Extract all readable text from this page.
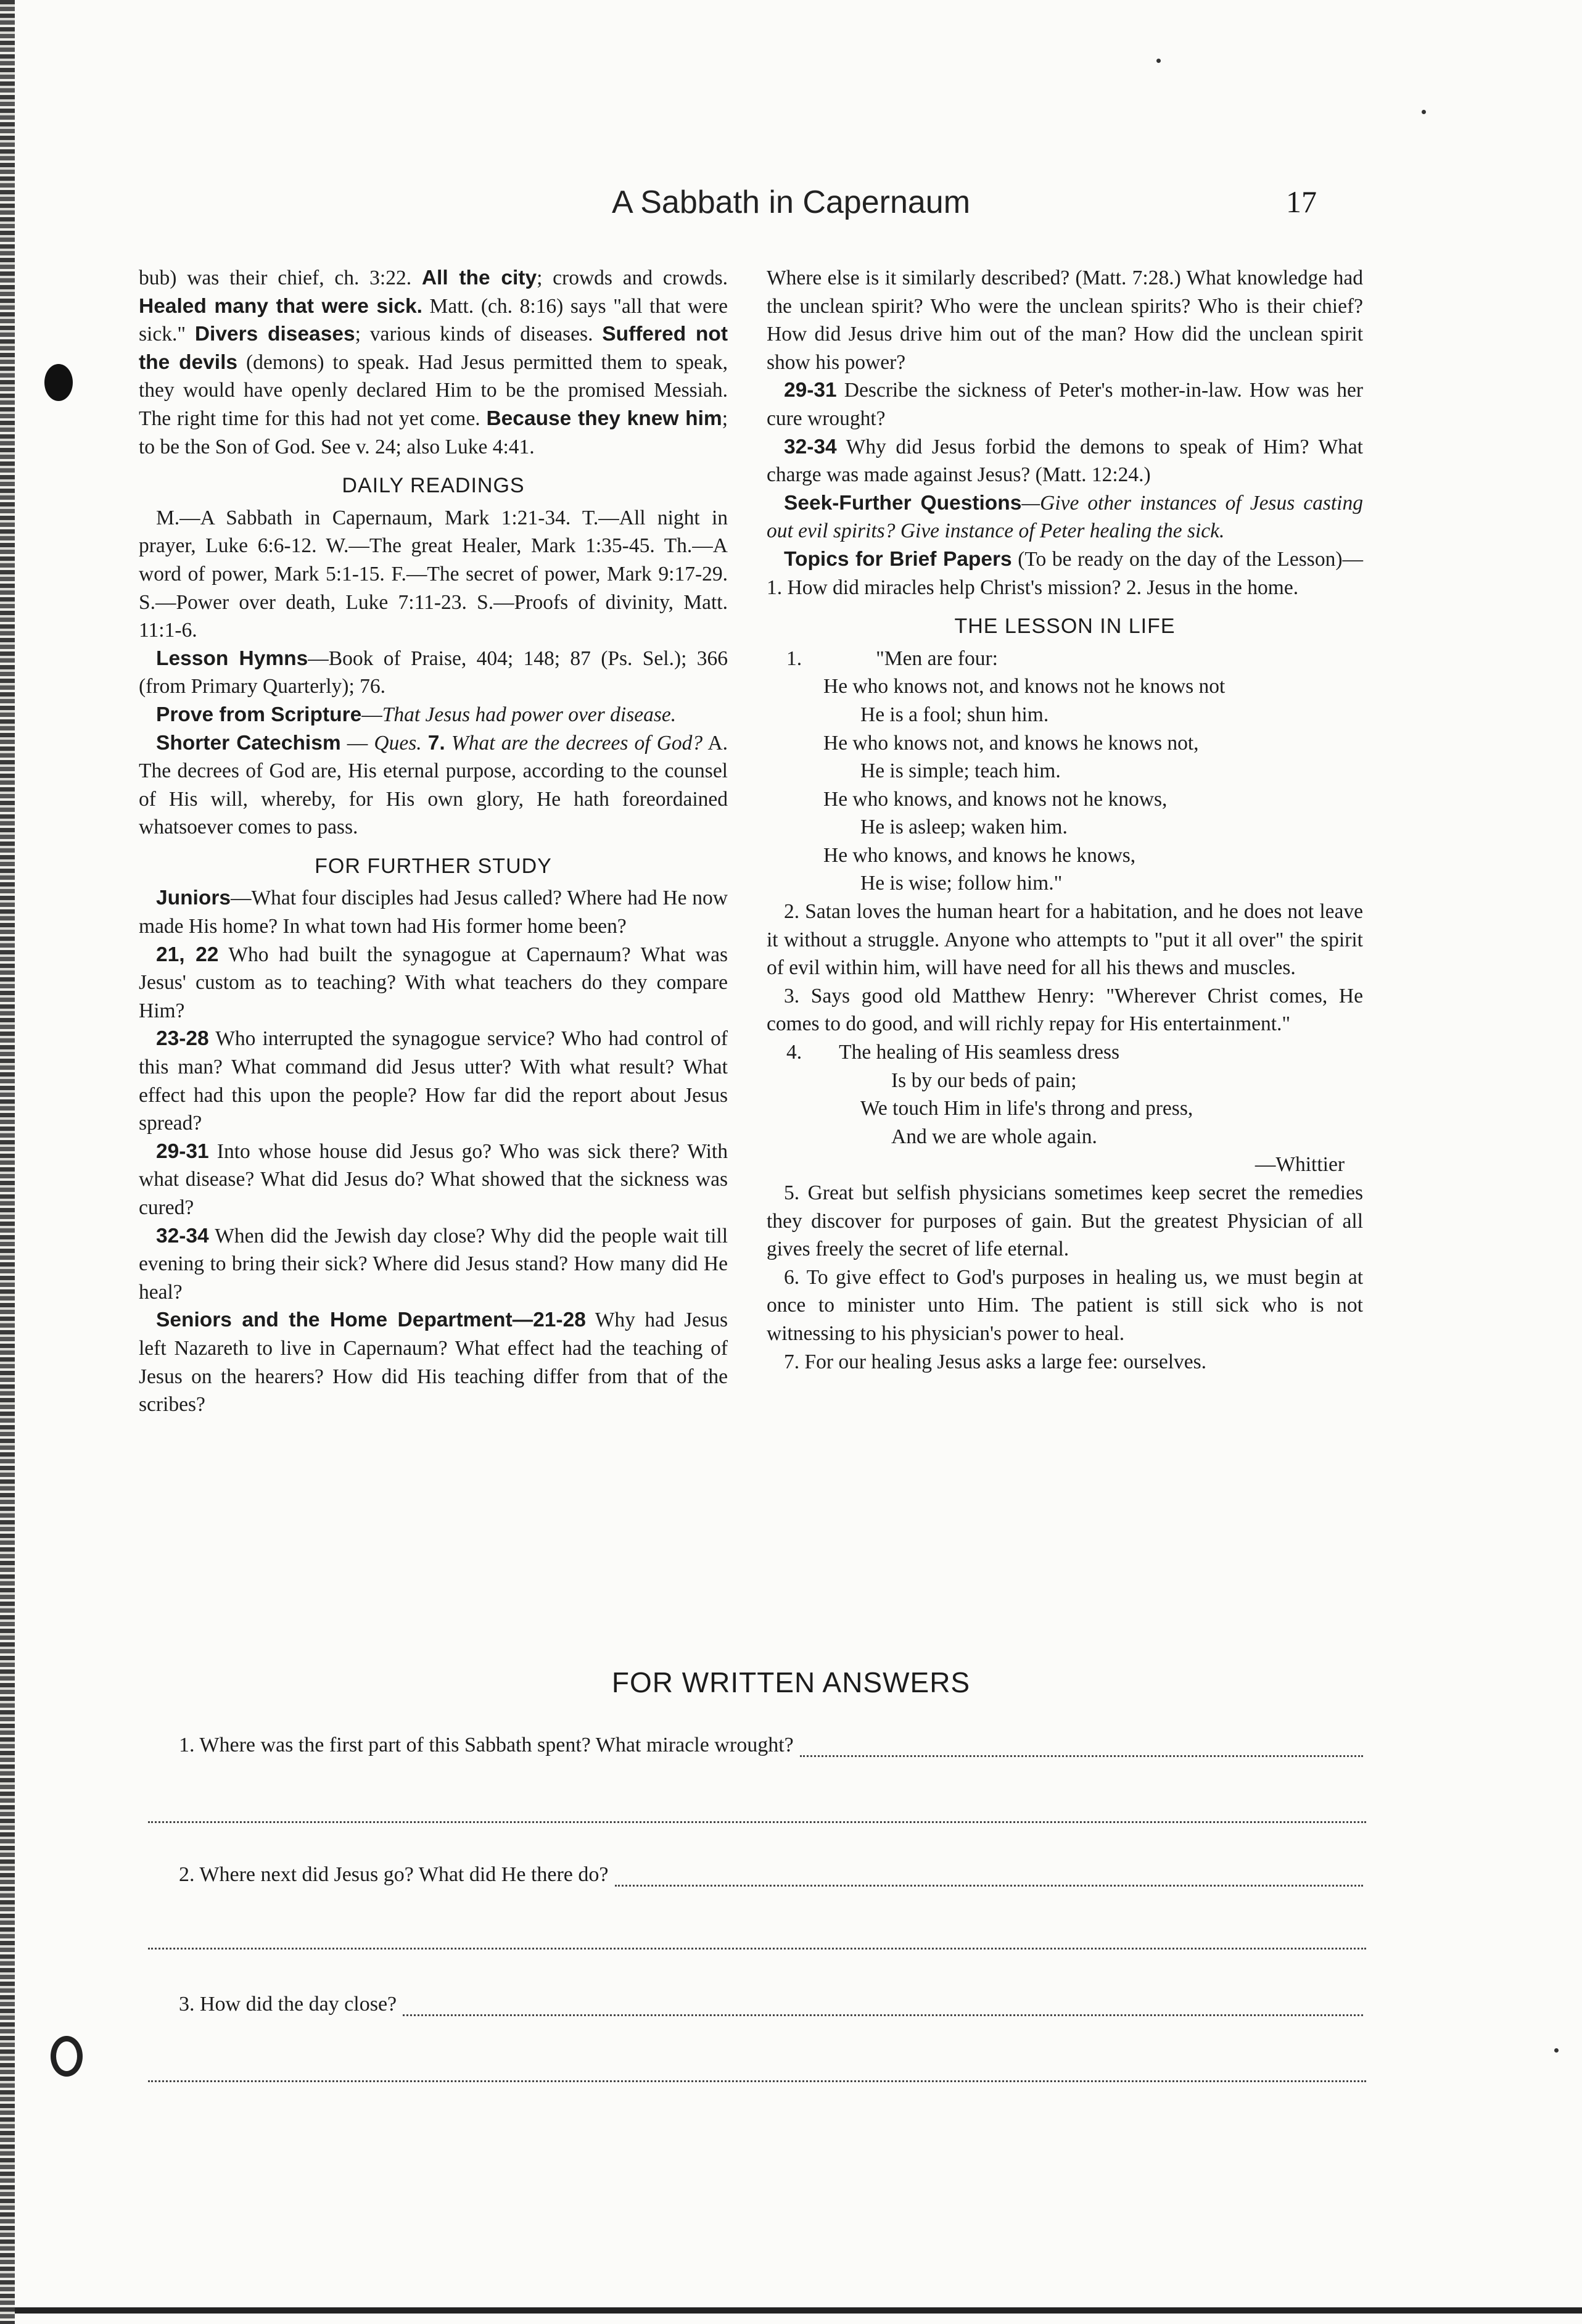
A Sabbath in Capernaum	17

bub) was their chief, ch. 3:22. All the city; crowds and crowds. Healed many that were sick. Matt. (ch. 8:16) says "all that were sick." Divers diseases; various kinds of diseases. Suffered not the devils (demons) to speak. Had Jesus permitted them to speak, they would have openly declared Him to be the promised Messiah. The right time for this had not yet come. Because they knew him; to be the Son of God. See v. 24; also Luke 4:41.

DAILY READINGS

M.—A Sabbath in Capernaum, Mark 1:21-34. T.—All night in prayer, Luke 6:6-12. W.—The great Healer, Mark 1:35-45. Th.—A word of power, Mark 5:1-15. F.—The secret of power, Mark 9:17-29. S.—Power over death, Luke 7:11-23. S.—Proofs of divinity, Matt. 11:1-6.

Lesson Hymns—Book of Praise, 404; 148; 87 (Ps. Sel.); 366 (from Primary Quarterly); 76.

Prove from Scripture—That Jesus had power over disease.

Shorter Catechism — Ques. 7. What are the decrees of God? A. The decrees of God are, His eternal purpose, according to the counsel of His will, whereby, for His own glory, He hath foreordained whatsoever comes to pass.

FOR FURTHER STUDY

Juniors—What four disciples had Jesus called? Where had He now made His home? In what town had His former home been?

21, 22 Who had built the synagogue at Capernaum? What was Jesus' custom as to teaching? With what teachers do they compare Him?

23-28 Who interrupted the synagogue service? Who had control of this man? What command did Jesus utter? With what result? What effect had this upon the people? How far did the report about Jesus spread?

29-31 Into whose house did Jesus go? Who was sick there? With what disease? What did Jesus do? What showed that the sickness was cured?

32-34 When did the Jewish day close? Why did the people wait till evening to bring their sick? Where did Jesus stand? How many did He heal?

Seniors and the Home Department—21-28 Why had Jesus left Nazareth to live in Capernaum? What effect had the teaching of Jesus on the hearers? How did His teaching differ from that of the scribes?

Where else is it similarly described? (Matt. 7:28.) What knowledge had the unclean spirit? Who were the unclean spirits? Who is their chief? How did Jesus drive him out of the man? How did the unclean spirit show his power?

29-31 Describe the sickness of Peter's mother-in-law. How was her cure wrought?

32-34 Why did Jesus forbid the demons to speak of Him? What charge was made against Jesus? (Matt. 12:24.)

Seek-Further Questions—Give other instances of Jesus casting out evil spirits? Give instance of Peter healing the sick.

Topics for Brief Papers (To be ready on the day of the Lesson)—1. How did miracles help Christ's mission? 2. Jesus in the home.

THE LESSON IN LIFE
1.	"Men are four:
He who knows not, and knows not he knows not
He is a fool; shun him.
He who knows not, and knows he knows not,
He is simple; teach him.
He who knows, and knows not he knows,
He is asleep; waken him.
He who knows, and knows he knows,
He is wise; follow him."

2. Satan loves the human heart for a habitation, and he does not leave it without a struggle. Anyone who attempts to "put it all over" the spirit of evil within him, will have need for all his thews and muscles.

3. Says good old Matthew Henry: "Wherever Christ comes, He comes to do good, and will richly repay for His entertainment."

4. The healing of His seamless dress
Is by our beds of pain;
We touch Him in life's throng and press,
And we are whole again.

—Whittier

5. Great but selfish physicians sometimes keep secret the remedies they discover for purposes of gain. But the greatest Physician of all gives freely the secret of life eternal.

6. To give effect to God's purposes in healing us, we must begin at once to minister unto Him. The patient is still sick who is not witnessing to his physician's power to heal.

7. For our healing Jesus asks a large fee: ourselves.

FOR WRITTEN ANSWERS
1. Where was the first part of this Sabbath spent? What miracle wrought?
2. Where next did Jesus go? What did He there do?
3. How did the day close?
